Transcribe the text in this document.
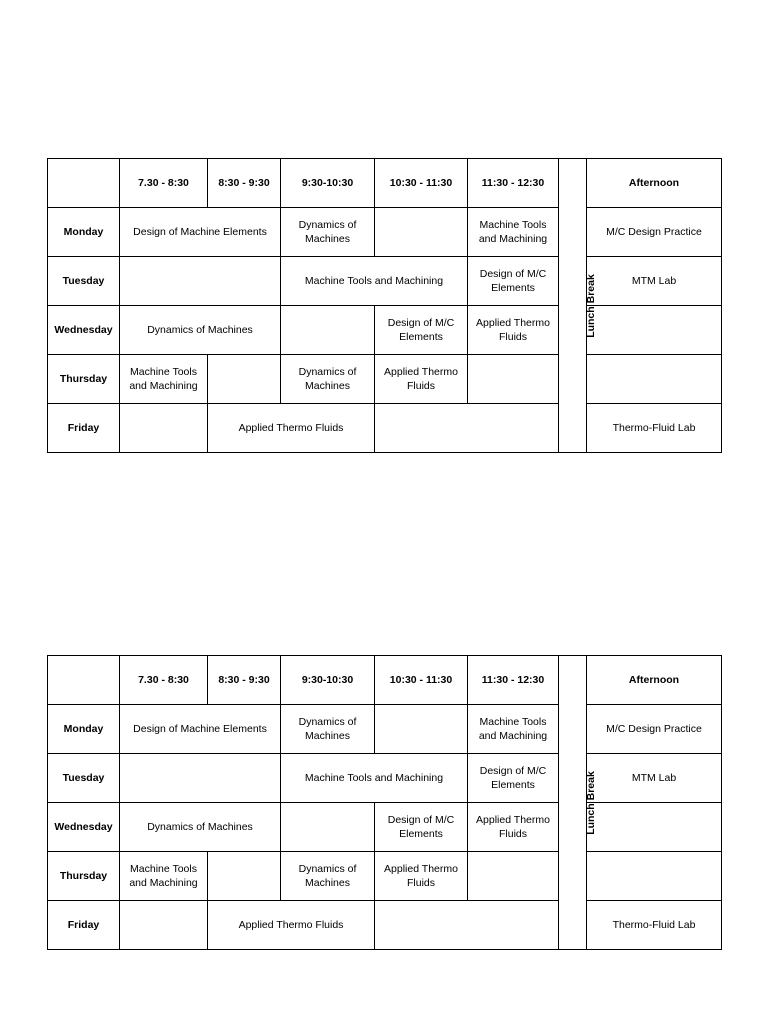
	7.30 - 8:30	8:30 - 9:30	9:30-10:30	10:30 - 11:30	11:30 - 12:30	Lunch Break	Afternoon
Monday	Design of Machine Elements		Dynamics of Machines		Machine Tools and Machining		M/C Design Practice
Tuesday			Machine Tools and Machining		Design of M/C Elements		MTM Lab
Wednesday	Dynamics of Machines			Design of M/C Elements	Applied Thermo Fluids		
Thursday	Machine Tools and Machining		Dynamics of Machines	Applied Thermo Fluids			
Friday		Applied Thermo Fluids					Thermo-Fluid Lab
	7.30 - 8:30	8:30 - 9:30	9:30-10:30	10:30 - 11:30	11:30 - 12:30	Lunch Break	Afternoon
Monday	Design of Machine Elements		Dynamics of Machines		Machine Tools and Machining		M/C Design Practice
Tuesday			Machine Tools and Machining		Design of M/C Elements		MTM Lab
Wednesday	Dynamics of Machines			Design of M/C Elements	Applied Thermo Fluids		
Thursday	Machine Tools and Machining		Dynamics of Machines	Applied Thermo Fluids			
Friday		Applied Thermo Fluids					Thermo-Fluid Lab
